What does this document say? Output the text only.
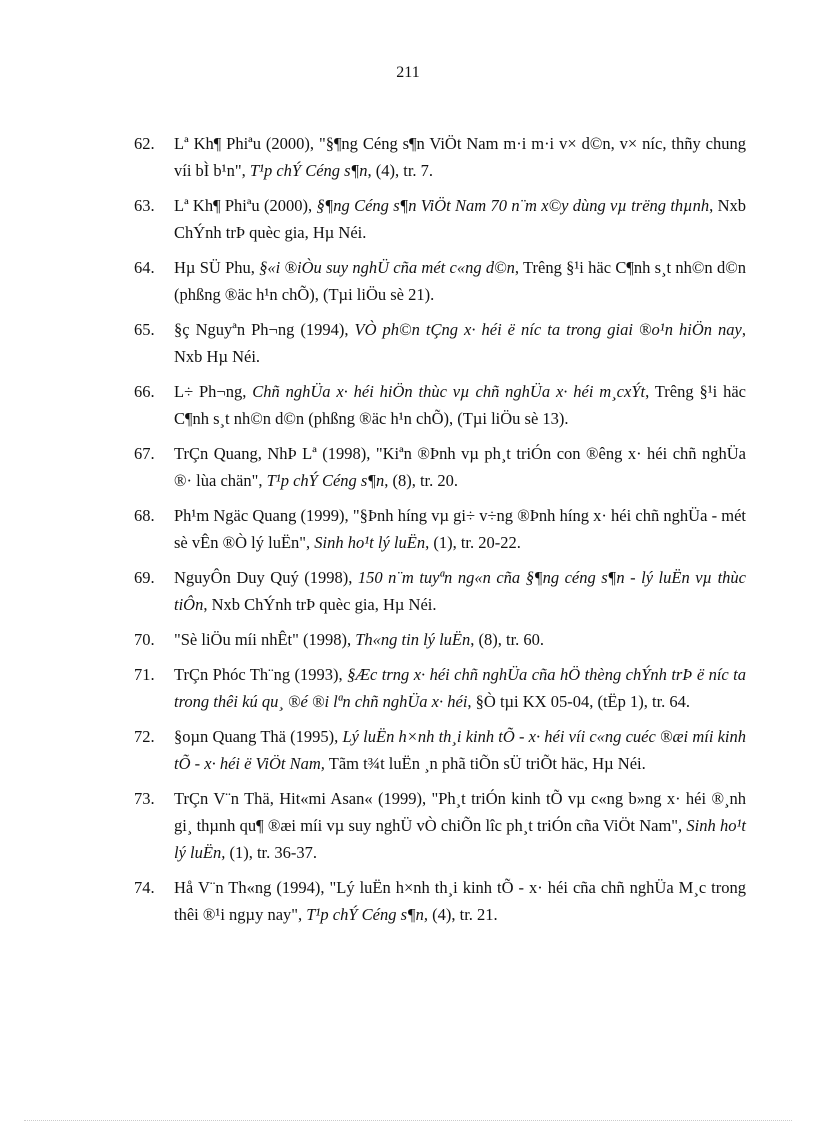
211
62. Lª Kh¶ Phiªu (2000), "§¶ng Céng s¶n ViÖt Nam m·i m·i v× d©n, v× níc, thñy chung víi bÌ b¹n", T¹p chÝ Céng s¶n, (4), tr. 7.
63. Lª Kh¶ Phiªu (2000), §¶ng Céng s¶n ViÖt Nam 70 n¨m x©y dùng vµ trëng thµnh, Nxb ChÝnh trÞ quèc gia, Hµ Néi.
64. Hµ SÜ Phu, §«i ®iÒu suy nghÜ cña mét c«ng d©n, Trêng §¹i häc C¶nh s¸t nh©n d©n (phßng ®äc h¹n chÕ), (Tµi liÖu sè 21).
65. §ç Nguyªn Ph¬ng (1994), VÒ ph©n tÇng x· héi ë níc ta trong giai ®o¹n hiÖn nay, Nxb Hµ Néi.
66. L÷ Ph¬ng, Chñ nghÜa x· héi hiÖn thùc vµ chñ nghÜa x· héi m¸cxÝt, Trêng §¹i häc C¶nh s¸t nh©n d©n (phßng ®äc h¹n chÕ), (Tµi liÖu sè 13).
67. TrÇn Quang, NhÞ Lª (1998), "Kiªn ®Þnh vµ ph¸t triÓn con ®êng x· héi chñ nghÜa ®· lùa chän", T¹p chÝ Céng s¶n, (8), tr. 20.
68. Ph¹m Ngäc Quang (1999), "§Þnh híng vµ gi÷ v÷ng ®Þnh híng x· héi chñ nghÜa - mét sè vÊn ®Ò lý luËn", Sinh ho¹t lý luËn, (1), tr. 20-22.
69. NguyÔn Duy Quý (1998), 150 n¨m tuyªn ng«n cña §¶ng céng s¶n - lý luËn vµ thùc tiÔn, Nxb ChÝnh trÞ quèc gia, Hµ Néi.
70. "Sè liÖu míi nhÊt" (1998), Th«ng tin lý luËn, (8), tr. 60.
71. TrÇn Phóc Th¨ng (1993), §Æc trng x· héi chñ nghÜa cña hÖ thèng chÝnh trÞ ë níc ta trong thêi kú qu¸ ®é ®i lªn chñ nghÜa x· héi, §Ò tµi KX 05-04, (tËp 1), tr. 64.
72. §oµn Quang Thä (1995), Lý luËn h×nh th¸i kinh tÕ - x· héi víi c«ng cuéc ®æi míi kinh tÕ - x· héi ë ViÖt Nam, Tãm t¾t luËn ¸n phã tiÕn sÜ triÕt häc, Hµ Néi.
73. TrÇn V¨n Thä, Hit«mi Asan« (1999), "Ph¸t triÓn kinh tÕ vµ c«ng b»ng x· héi ®¸nh gi¸ thµnh qu¶ ®æi míi vµ suy nghÜ vÒ chiÕn lîc ph¸t triÓn cña ViÖt Nam", Sinh ho¹t lý luËn, (1), tr. 36-37.
74. Hå V¨n Th«ng (1994), "Lý luËn h×nh th¸i kinh tÕ - x· héi cña chñ nghÜa M¸c trong thêi ®¹i ngµy nay", T¹p chÝ Céng s¶n, (4), tr. 21.
